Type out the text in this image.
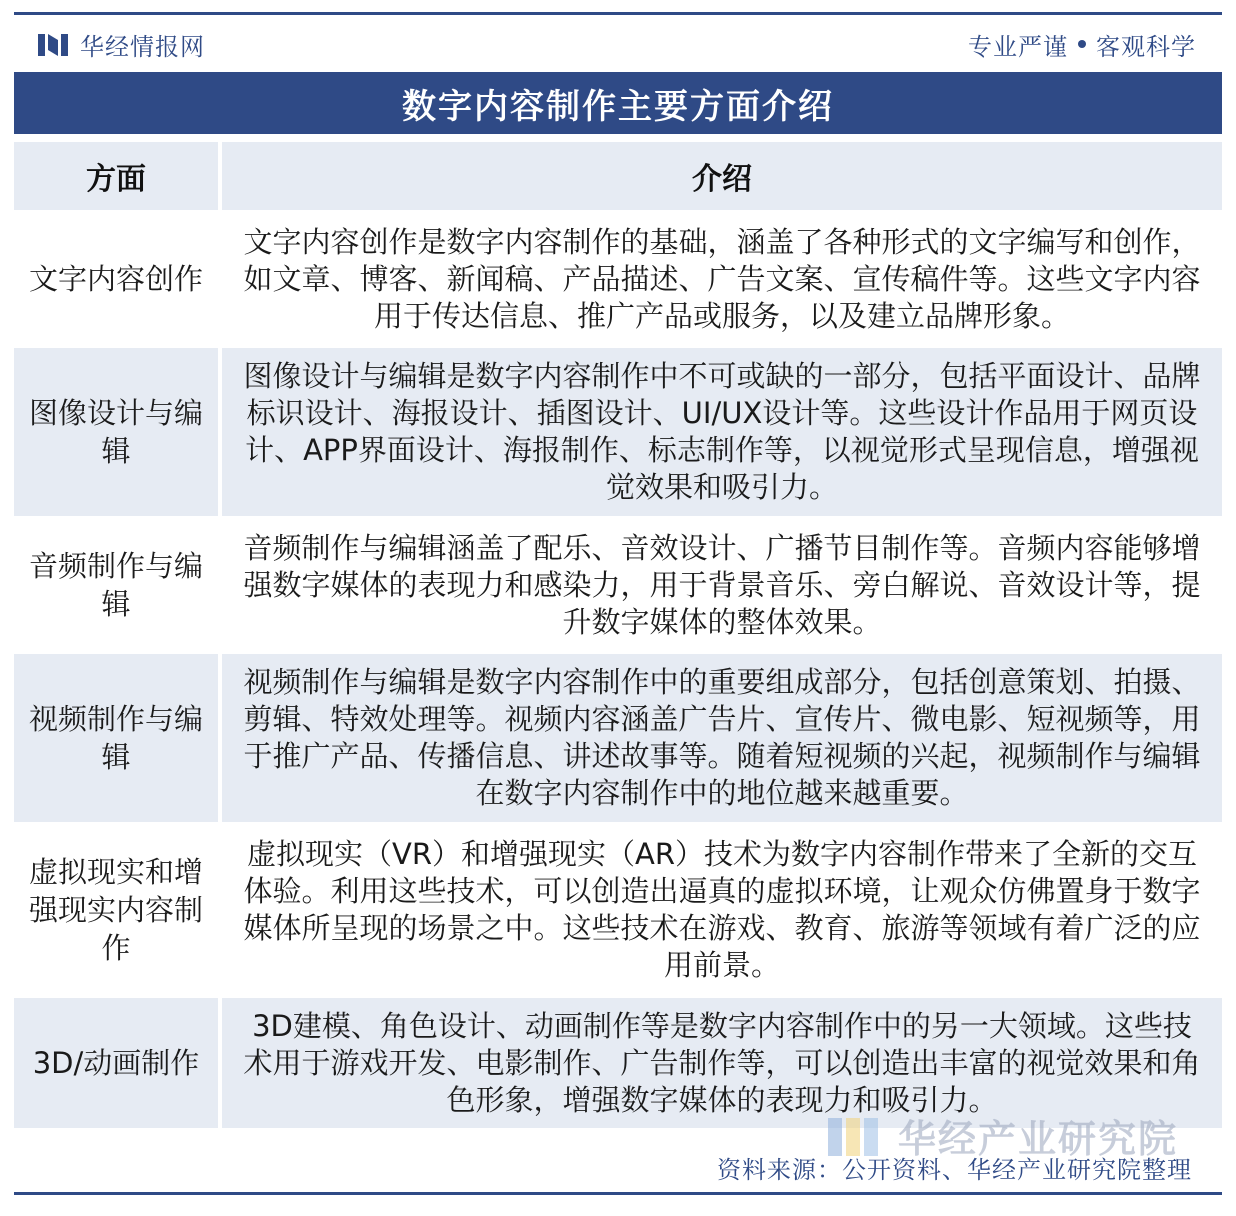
华经情报网	专业严谨 客观科学
数字内容制作主要方面介绍
方面	介绍
文字内容创作	文字内容创作是数字内容制作的基础，涵盖了各种形式的文字编写和创作，如文章、博客、新闻稿、产品描述、广告文案、宣传稿件等。这些文字内容用于传达信息、推广产品或服务，以及建立品牌形象。
图像设计与编辑	图像设计与编辑是数字内容制作中不可或缺的一部分，包括平面设计、品牌标识设计、海报设计、插图设计、UI/UX设计等。这些设计作品用于网页设计、APP界面设计、海报制作、标志制作等，以视觉形式呈现信息，增强视觉效果和吸引力。
音频制作与编辑	音频制作与编辑涵盖了配乐、音效设计、广播节目制作等。音频内容能够增强数字媒体的表现力和感染力，用于背景音乐、旁白解说、音效设计等，提升数字媒体的整体效果。
视频制作与编辑	视频制作与编辑是数字内容制作中的重要组成部分，包括创意策划、拍摄、剪辑、特效处理等。视频内容涵盖广告片、宣传片、微电影、短视频等，用于推广产品、传播信息、讲述故事等。随着短视频的兴起，视频制作与编辑在数字内容制作中的地位越来越重要。
虚拟现实和增强现实内容制作	虚拟现实（VR）和增强现实（AR）技术为数字内容制作带来了全新的交互体验。利用这些技术，可以创造出逼真的虚拟环境，让观众仿佛置身于数字媒体所呈现的场景之中。这些技术在游戏、教育、旅游等领域有着广泛的应用前景。
3D/动画制作	3D建模、角色设计、动画制作等是数字内容制作中的另一大领域。这些技术用于游戏开发、电影制作、广告制作等，可以创造出丰富的视觉效果和角色形象，增强数字媒体的表现力和吸引力。
华经产业研究院
资料来源：公开资料、华经产业研究院整理
